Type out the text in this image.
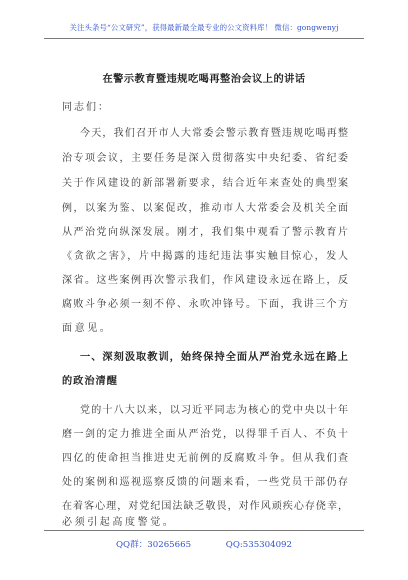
关注头条号“公文研究”，获得最新最全最专业的公文资料库！ 微信：gongwenyj
在警示教育暨违规吃喝再整治会议上的讲话
同志们：
今天，我们召开市人大常委会警示教育暨违规吃喝再整
治专项会议，主要任务是深入贯彻落实中央纪委、省纪委
关于作风建设的新部署新要求，结合近年来查处的典型案
例，以案为鉴、以案促改，推动市人大常委会及机关全面
从严治党向纵深发展。刚才，我们集中观看了警示教育片
《贪欲之害》，片中揭露的违纪违法事实触目惊心，发人
深省。这些案例再次警示我们，作风建设永远在路上，反
腐败斗争必须一刻不停、永吹冲锋号。下面，我讲三个方
面意见。
一、深刻汲取教训，始终保持全面从严治党永远在路上
的政治清醒
党的十八大以来，以习近平同志为核心的党中央以十年
磨一剑的定力推进全面从严治党，以得罪千百人、不负十
四亿的使命担当推进史无前例的反腐败斗争。但从我们查
处的案例和巡视巡察反馈的问题来看，一些党员干部仍存
在着客心理，对党纪国法缺乏敬畏，对作风顽疾心存侥幸，
必须引起高度警觉。
QQ群：30265665	QQ:535304092
